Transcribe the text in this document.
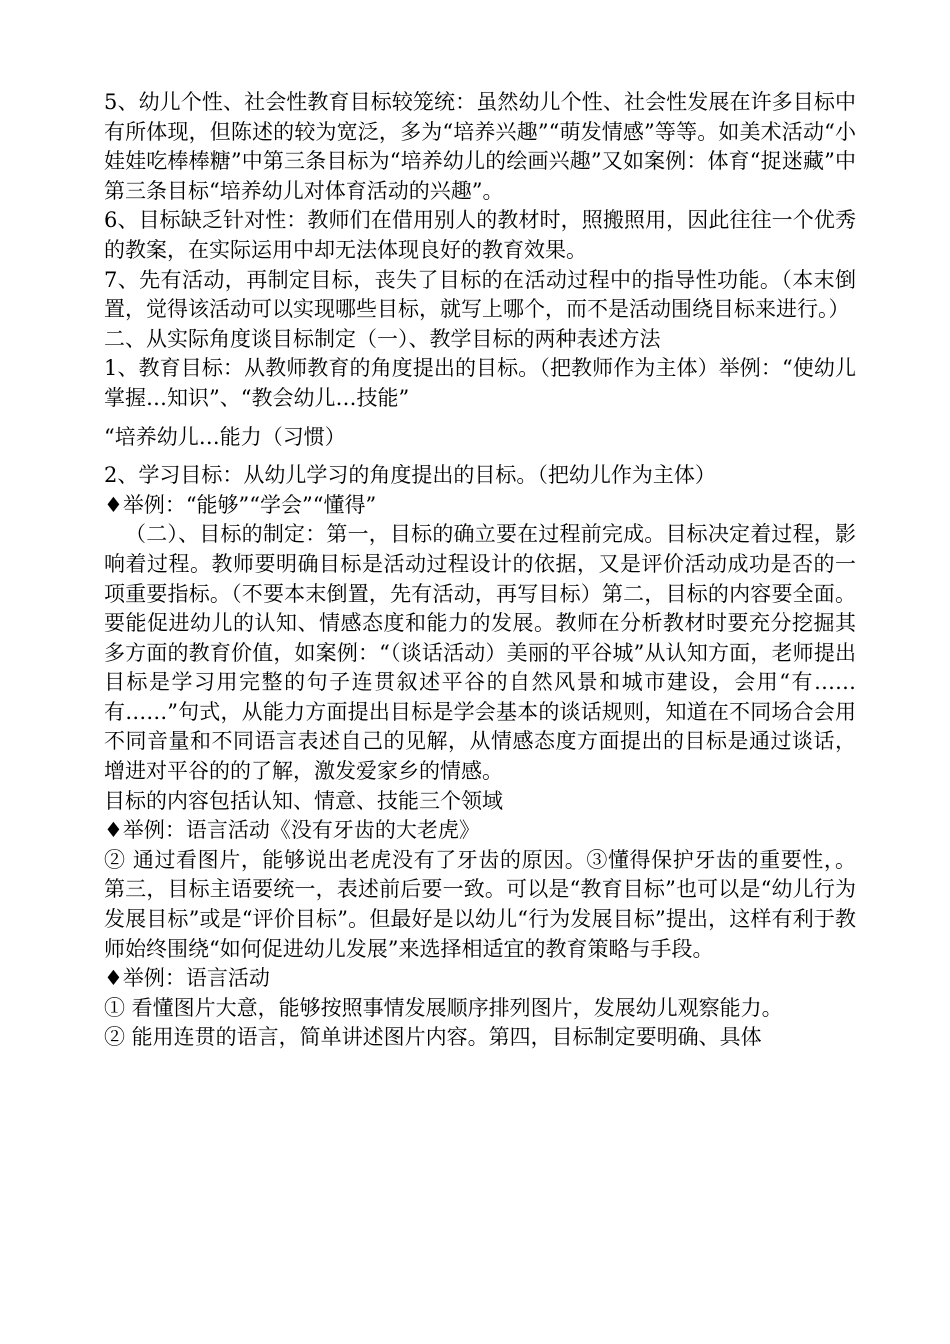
5、幼儿个性、社会性教育目标较笼统：虽然幼儿个性、社会性发展在许多目标中有所体现，但陈述的较为宽泛，多为“培养兴趣”“萌发情感”等等。如美术活动“小娃娃吃棒棒糖”中第三条目标为“培养幼儿的绘画兴趣”又如案例：体育“捉迷藏”中第三条目标“培养幼儿对体育活动的兴趣”。

6、目标缺乏针对性：教师们在借用别人的教材时，照搬照用，因此往往一个优秀的教案，在实际运用中却无法体现良好的教育效果。

7、先有活动，再制定目标，丧失了目标的在活动过程中的指导性功能。（本末倒置，觉得该活动可以实现哪些目标，就写上哪个，而不是活动围绕目标来进行。）

二、从实际角度谈目标制定（一）、教学目标的两种表述方法

1、教育目标：从教师教育的角度提出的目标。（把教师作为主体）举例：“使幼儿掌握…知识”、“教会幼儿…技能”

“培养幼儿…能力（习惯）

2、学习目标：从幼儿学习的角度提出的目标。（把幼儿作为主体）

♦举例：“能够”“学会”“懂得”

（二）、目标的制定：第一，目标的确立要在过程前完成。目标决定着过程，影响着过程。教师要明确目标是活动过程设计的依据，又是评价活动成功是否的一项重要指标。（不要本末倒置，先有活动，再写目标）第二，目标的内容要全面。要能促进幼儿的认知、情感态度和能力的发展。教师在分析教材时要充分挖掘其多方面的教育价值，如案例：“（谈话活动）美丽的平谷城”从认知方面，老师提出目标是学习用完整的句子连贯叙述平谷的自然风景和城市建设，会用“有……有……”句式，从能力方面提出目标是学会基本的谈话规则，知道在不同场合会用不同音量和不同语言表述自己的见解，从情感态度方面提出的目标是通过谈话，增进对平谷的的了解，激发爱家乡的情感。

目标的内容包括认知、情意、技能三个领域

♦举例：语言活动《没有牙齿的大老虎》

② 通过看图片，能够说出老虎没有了牙齿的原因。③懂得保护牙齿的重要性，。第三，目标主语要统一，表述前后要一致。可以是“教育目标”也可以是“幼儿行为发展目标”或是“评价目标”。但最好是以幼儿“行为发展目标”提出，这样有利于教师始终围绕“如何促进幼儿发展”来选择相适宜的教育策略与手段。

♦举例：语言活动

① 看懂图片大意，能够按照事情发展顺序排列图片，发展幼儿观察能力。

② 能用连贯的语言，简单讲述图片内容。第四，目标制定要明确、具体
